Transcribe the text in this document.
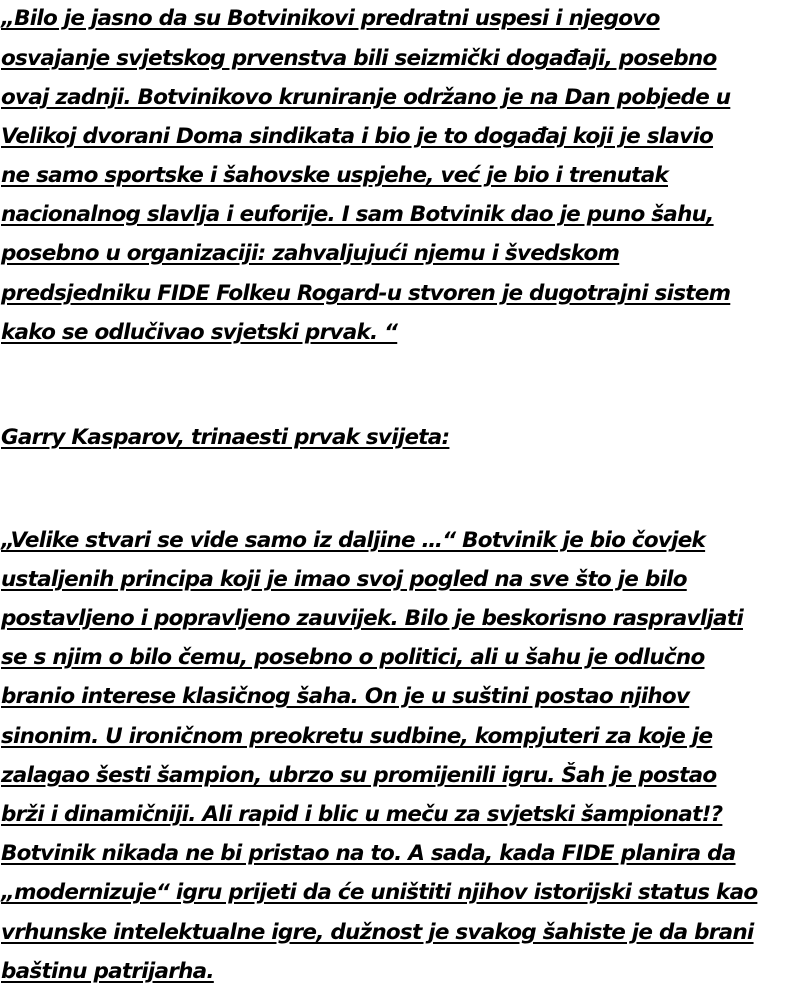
„Bilo je jasno da su Botvinikovi predratni uspesi i njegovo

osvajanje svjetskog prvenstva bili seizmički događaji, posebno

ovaj zadnji. Botvinikovo kruniranje održano je na Dan pobjede u

Velikoj dvorani Doma sindikata i bio je to događaj koji je slavio

ne samo sportske i šahovske uspjehe, već je bio i trenutak

nacionalnog slavlja i euforije. I sam Botvinik dao je puno šahu,

posebno u organizaciji: zahvaljujući njemu i švedskom

predsjedniku FIDE Folkeu Rogard-u stvoren je dugotrajni sistem

kako se odlučivao svjetski prvak. “

Garry Kasparov, trinaesti prvak svijeta:

„Velike stvari se vide samo iz daljine …“ Botvinik je bio čovjek

ustaljenih principa koji je imao svoj pogled na sve što je bilo

postavljeno i popravljeno zauvijek. Bilo je beskorisno raspravljati

se s njim o bilo čemu, posebno o politici, ali u šahu je odlučno

branio interese klasičnog šaha. On je u suštini postao njihov

sinonim. U ironičnom preokretu sudbine, kompjuteri za koje je

zalagao šesti šampion, ubrzo su promijenili igru. Šah je postao

brži i dinamičniji. Ali rapid i blic u meču za svjetski šampionat!?

Botvinik nikada ne bi pristao na to. A sada, kada FIDE planira da

„modernizuje“ igru prijeti da će uništiti njihov istorijski status kao

vrhunske intelektualne igre, dužnost je svakog šahiste je da brani

baštinu patrijarha.
